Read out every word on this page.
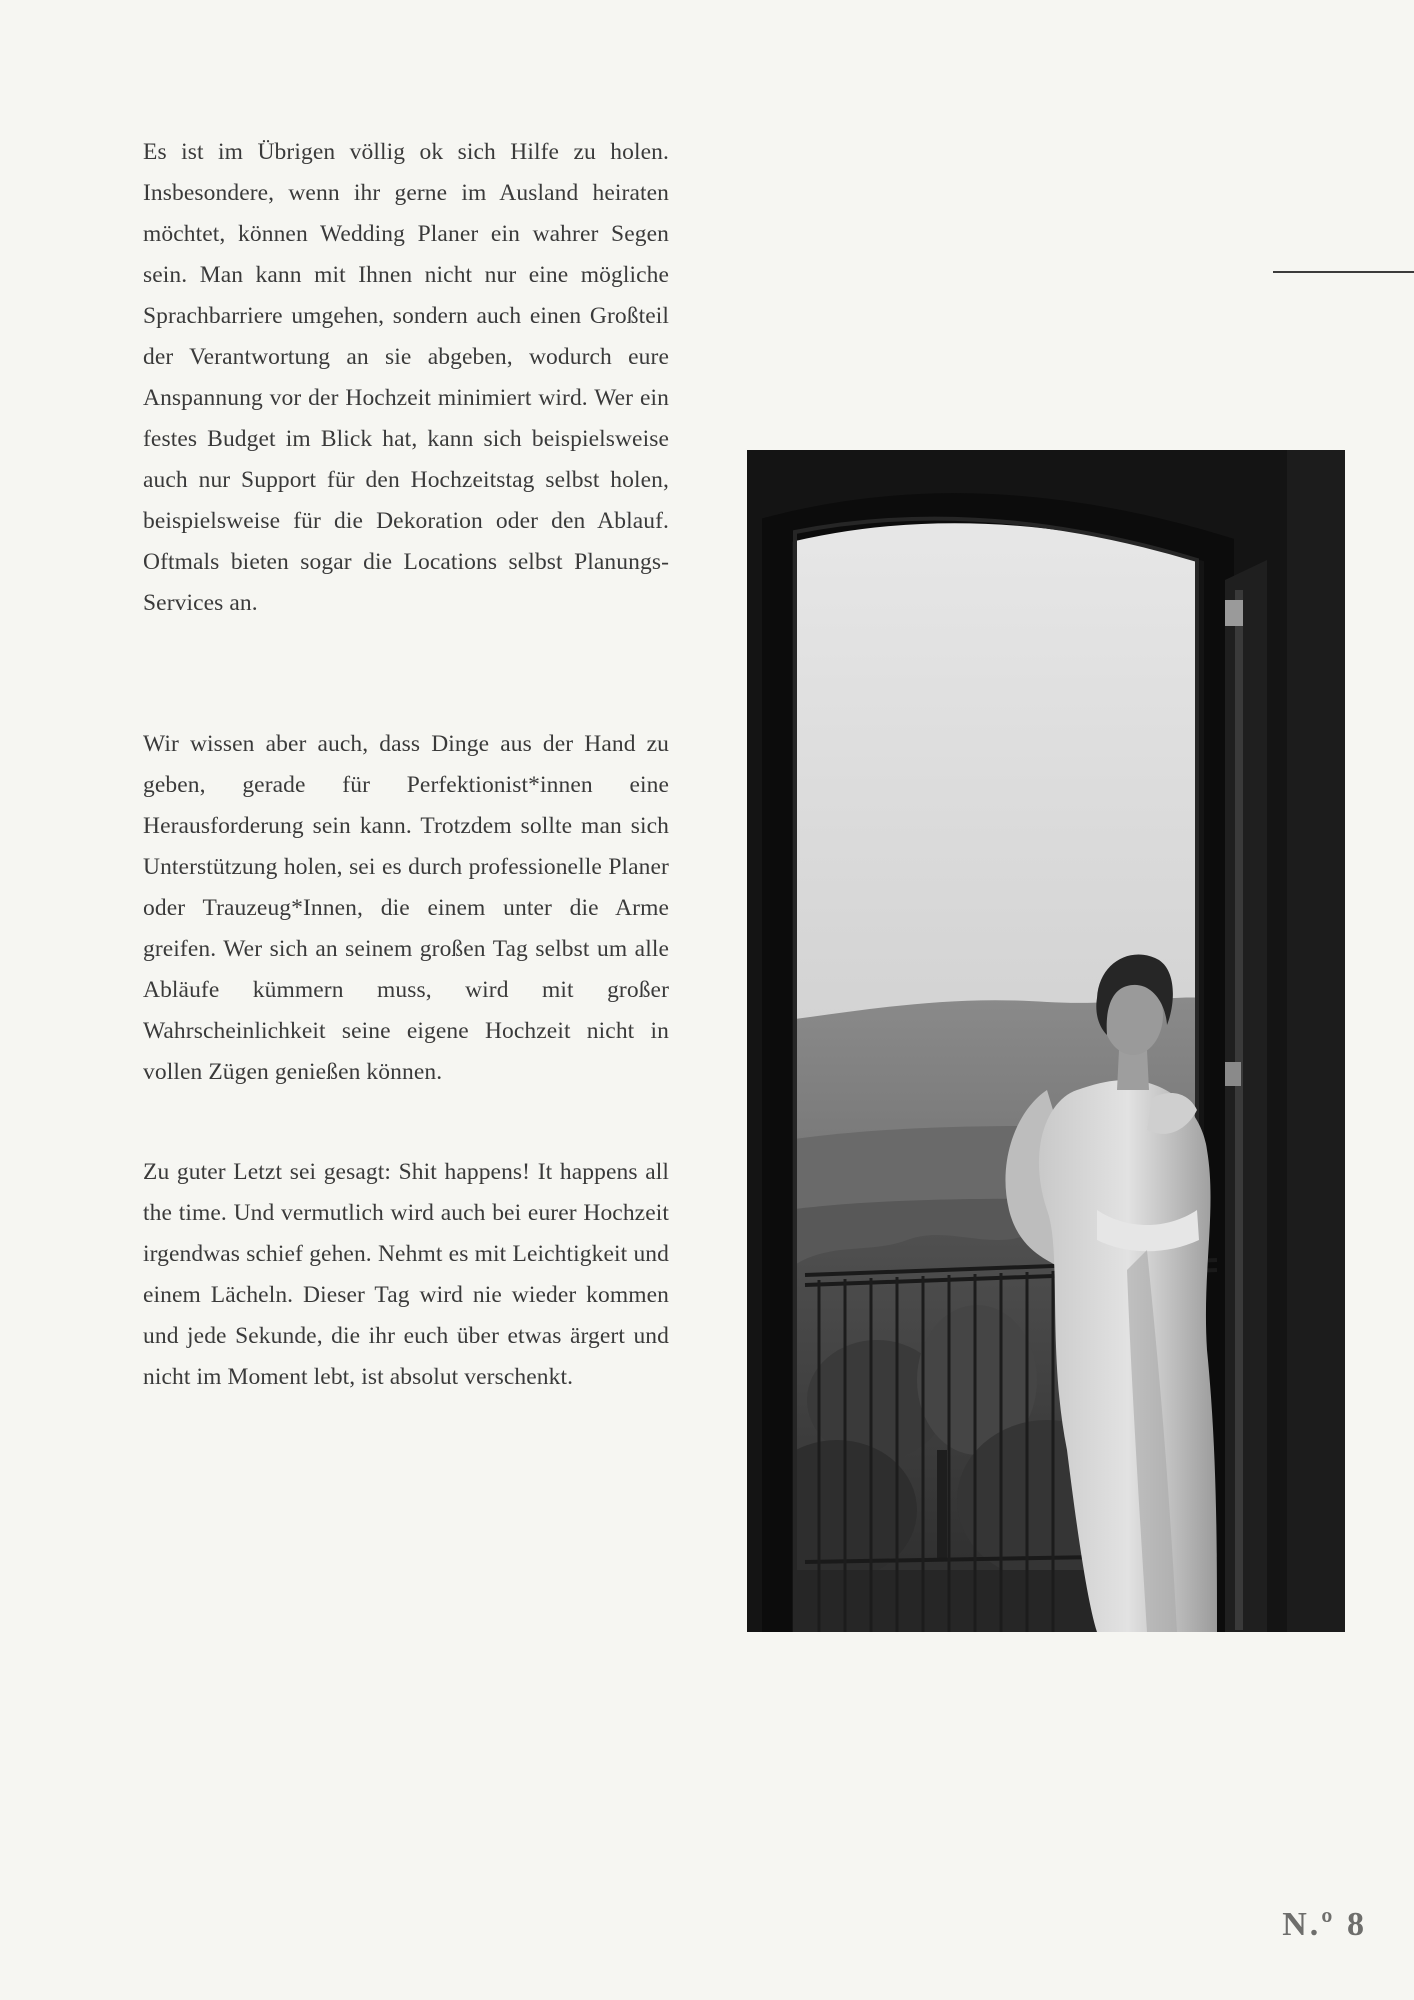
Es ist im Übrigen völlig ok sich Hilfe zu holen. Insbesondere, wenn ihr gerne im Ausland heiraten möchtet, können Wedding Planer ein wahrer Segen sein. Man kann mit Ihnen nicht nur eine mögliche Sprachbarriere umgehen, sondern auch einen Großteil der Verantwortung an sie abgeben, wodurch eure Anspannung vor der Hochzeit minimiert wird. Wer ein festes Budget im Blick hat, kann sich beispielsweise auch nur Support für den Hochzeitstag selbst holen, beispielsweise für die Dekoration oder den Ablauf. Oftmals bieten sogar die Locations selbst Planungs-Services an.

Wir wissen aber auch, dass Dinge aus der Hand zu geben, gerade für Perfektionist*innen eine Herausforderung sein kann. Trotzdem sollte man sich Unterstützung holen, sei es durch professionelle Planer oder Trauzeug*Innen, die einem unter die Arme greifen. Wer sich an seinem großen Tag selbst um alle Abläufe kümmern muss, wird mit großer Wahrscheinlichkeit seine eigene Hochzeit nicht in vollen Zügen genießen können.

Zu guter Letzt sei gesagt: Shit happens! It happens all the time. Und vermutlich wird auch bei eurer Hochzeit irgendwas schief gehen. Nehmt es mit Leichtigkeit und einem Lächeln. Dieser Tag wird nie wieder kommen und jede Sekunde, die ihr euch über etwas ärgert und nicht im Moment lebt, ist absolut verschenkt.

N.º 8
